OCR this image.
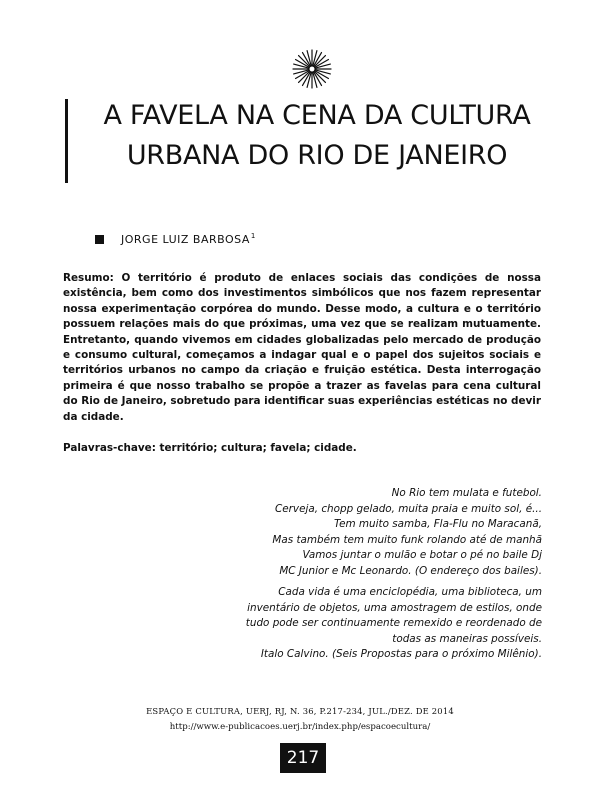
A FAVELA NA CENA DA CULTURA
URBANA DO RIO DE JANEIRO
JORGE LUIZ BARBOSA$^1$

Resumo: O território é produto de enlaces sociais das condições de nossa existência, bem como dos investimentos simbólicos que nos fazem representar nossa experimentação corpórea do mundo. Desse modo, a cultura e o território possuem relações mais do que próximas, uma vez que se realizam mutuamente. Entretanto, quando vivemos em cidades globalizadas pelo mercado de produção e consumo cultural, começamos a indagar qual e o papel dos sujeitos sociais e territórios urbanos no campo da criação e fruição estética. Desta interrogação primeira é que nosso trabalho se propõe a trazer as favelas para cena cultural do Rio de Janeiro, sobretudo para identificar suas experiências estéticas no devir da cidade.

Palavras-chave: território; cultura; favela; cidade.

No Rio tem mulata e futebol.
Cerveja, chopp gelado, muita praia e muito sol, é...
Tem muito samba, Fla-Flu no Maracanã,
Mas também tem muito funk rolando até de manhã
Vamos juntar o mulão e botar o pé no baile Dj
MC Junior e Mc Leonardo. (O endereço dos bailes).
Cada vida é uma enciclopédia, uma biblioteca, um
inventário de objetos, uma amostragem de estilos, onde
tudo pode ser continuamente remexido e reordenado de
todas as maneiras possíveis.
Italo Calvino. (Seis Propostas para o próximo Milênio).

ESPAÇO E CULTURA, UERJ, RJ, N. 36, P.217-234, JUL./DEZ. DE 2014

http://www.e-publicacoes.uerj.br/index.php/espacoecultura/

217
